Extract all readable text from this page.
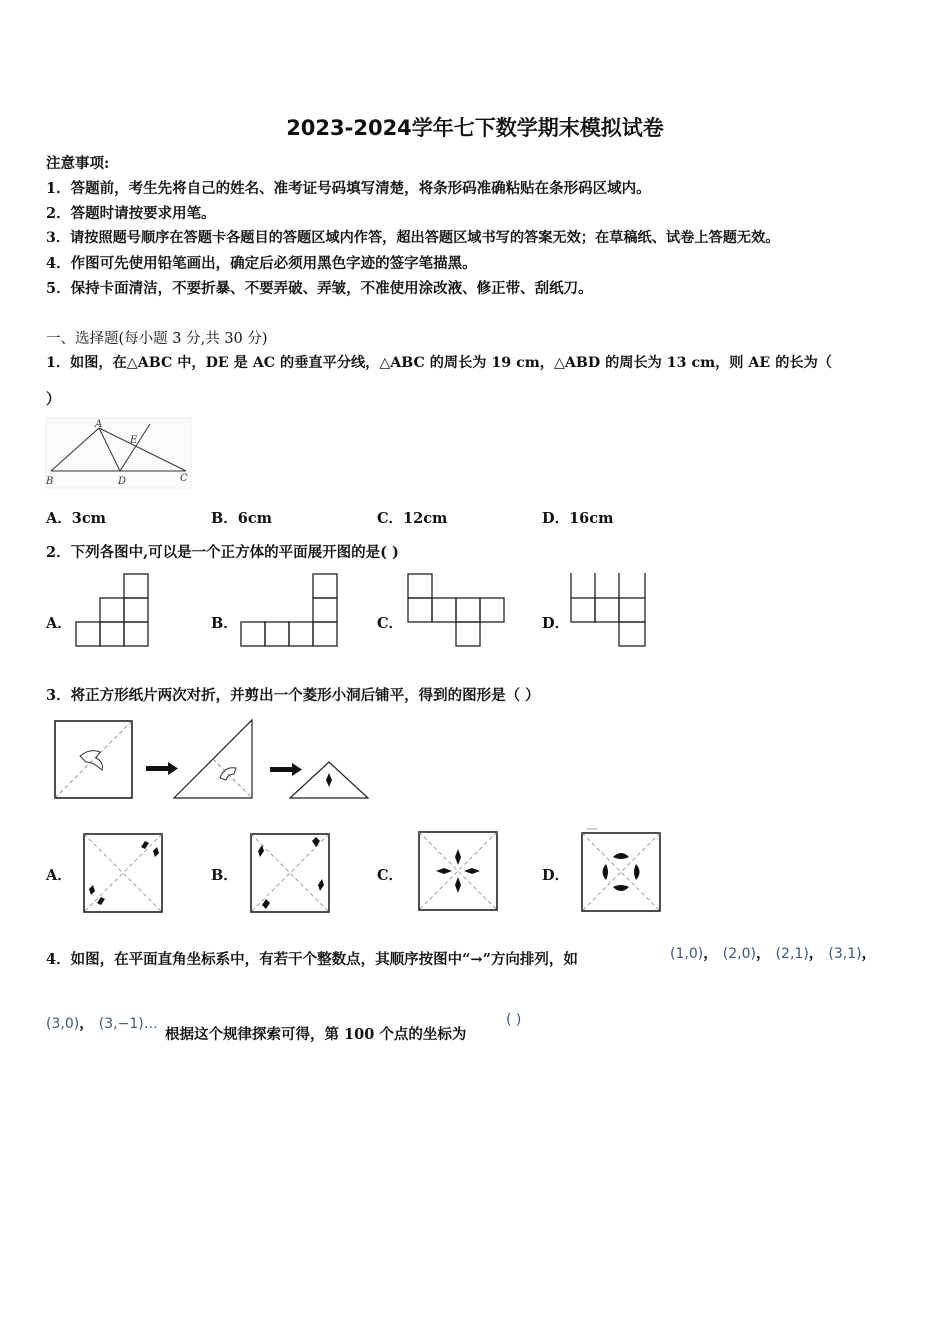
2023-2024学年七下数学期末模拟试卷
注意事项:
1．答题前，考生先将自己的姓名、准考证号码填写清楚，将条形码准确粘贴在条形码区域内。
2．答题时请按要求用笔。
3．请按照题号顺序在答题卡各题目的答题区域内作答，超出答题区域书写的答案无效；在草稿纸、试卷上答题无效。
4．作图可先使用铅笔画出，确定后必须用黑色字迹的签字笔描黑。
5．保持卡面清洁，不要折暴、不要弄破、弄皱，不准使用涂改液、修正带、刮纸刀。
一、选择题(每小题 3 分,共 30 分)
1．如图，在△ABC 中，DE 是 AC 的垂直平分线，△ABC 的周长为 19 cm，△ABD 的周长为 13 cm，则 AE 的长为（
）
A
B	C
D
E
A．3cm	B．6cm	C．12cm	D．16cm
2．下列各图中,可以是一个正方体的平面展开图的是( )
A．	B．	C．	D．
3．将正方形纸片两次对折，并剪出一个菱形小洞后铺平，得到的图形是（ ）
A．	B．	C．	D．
4．如图，在平面直角坐标系中，有若干个整数点，其顺序按图中“→”方向排列，如	(1,0)， (2,0)， (2,1)， (3,1)，
(3,0)， (3,−1)…
根据这个规律探索可得，第 100 个点的坐标为
( )
